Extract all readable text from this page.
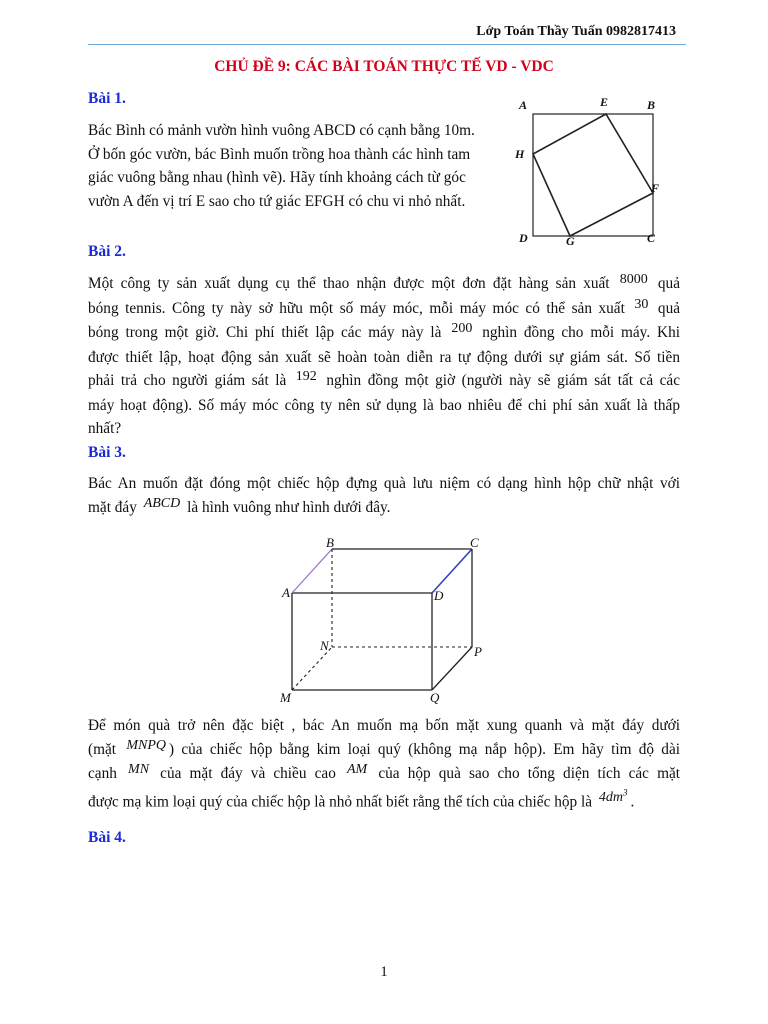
Lớp Toán Thầy Tuấn 0982817413
CHỦ ĐỀ 9: CÁC BÀI TOÁN THỰC TẾ VD - VDC
Bài 1.
Bác Bình có mảnh vườn hình vuông ABCD có cạnh bằng 10m.
Ở bốn góc vườn, bác Bình muốn trồng hoa thành các hình tam
giác vuông bằng nhau (hình vẽ). Hãy tính khoảng cách từ góc
vườn A đến vị trí E sao cho tứ giác EFGH có chu vi nhỏ nhất.
A	E	B
H
F
D	G	C
Bài 2.
Một công ty sản xuất dụng cụ thể thao nhận được một đơn đặt hàng sản xuất 8000 quả
bóng tennis. Công ty này sở hữu một số máy móc, mỗi máy móc có thể sản xuất 30 quả
bóng trong một giờ. Chi phí thiết lập các máy này là 200 nghìn đồng cho mỗi máy. Khi
được thiết lập, hoạt động sản xuất sẽ hoàn toàn diễn ra tự động dưới sự giám sát. Số tiền
phải trả cho người giám sát là 192 nghìn đồng một giờ (người này sẽ giám sát tất cả các
máy hoạt động). Số máy móc công ty nên sử dụng là bao nhiêu để chi phí sản xuất là thấp
nhất?
Bài 3.
Bác An muốn đặt đóng một chiếc hộp đựng quà lưu niệm có dạng hình hộp chữ nhật với
mặt đáy ABCD là hình vuông như hình dưới đây.
A
B	C
D
N	P
M	Q
Để món quà trở nên đặc biệt , bác An muốn mạ bốn mặt xung quanh và mặt đáy dưới
(mặt MNPQ ) của chiếc hộp bằng kim loại quý (không mạ nắp hộp). Em hãy tìm độ dài
cạnh MN của mặt đáy và chiều cao AM của hộp quà sao cho tổng diện tích các mặt
được mạ kim loại quý của chiếc hộp là nhỏ nhất biết rằng thể tích của chiếc hộp là $4dm^3$.
Bài 4.
1
